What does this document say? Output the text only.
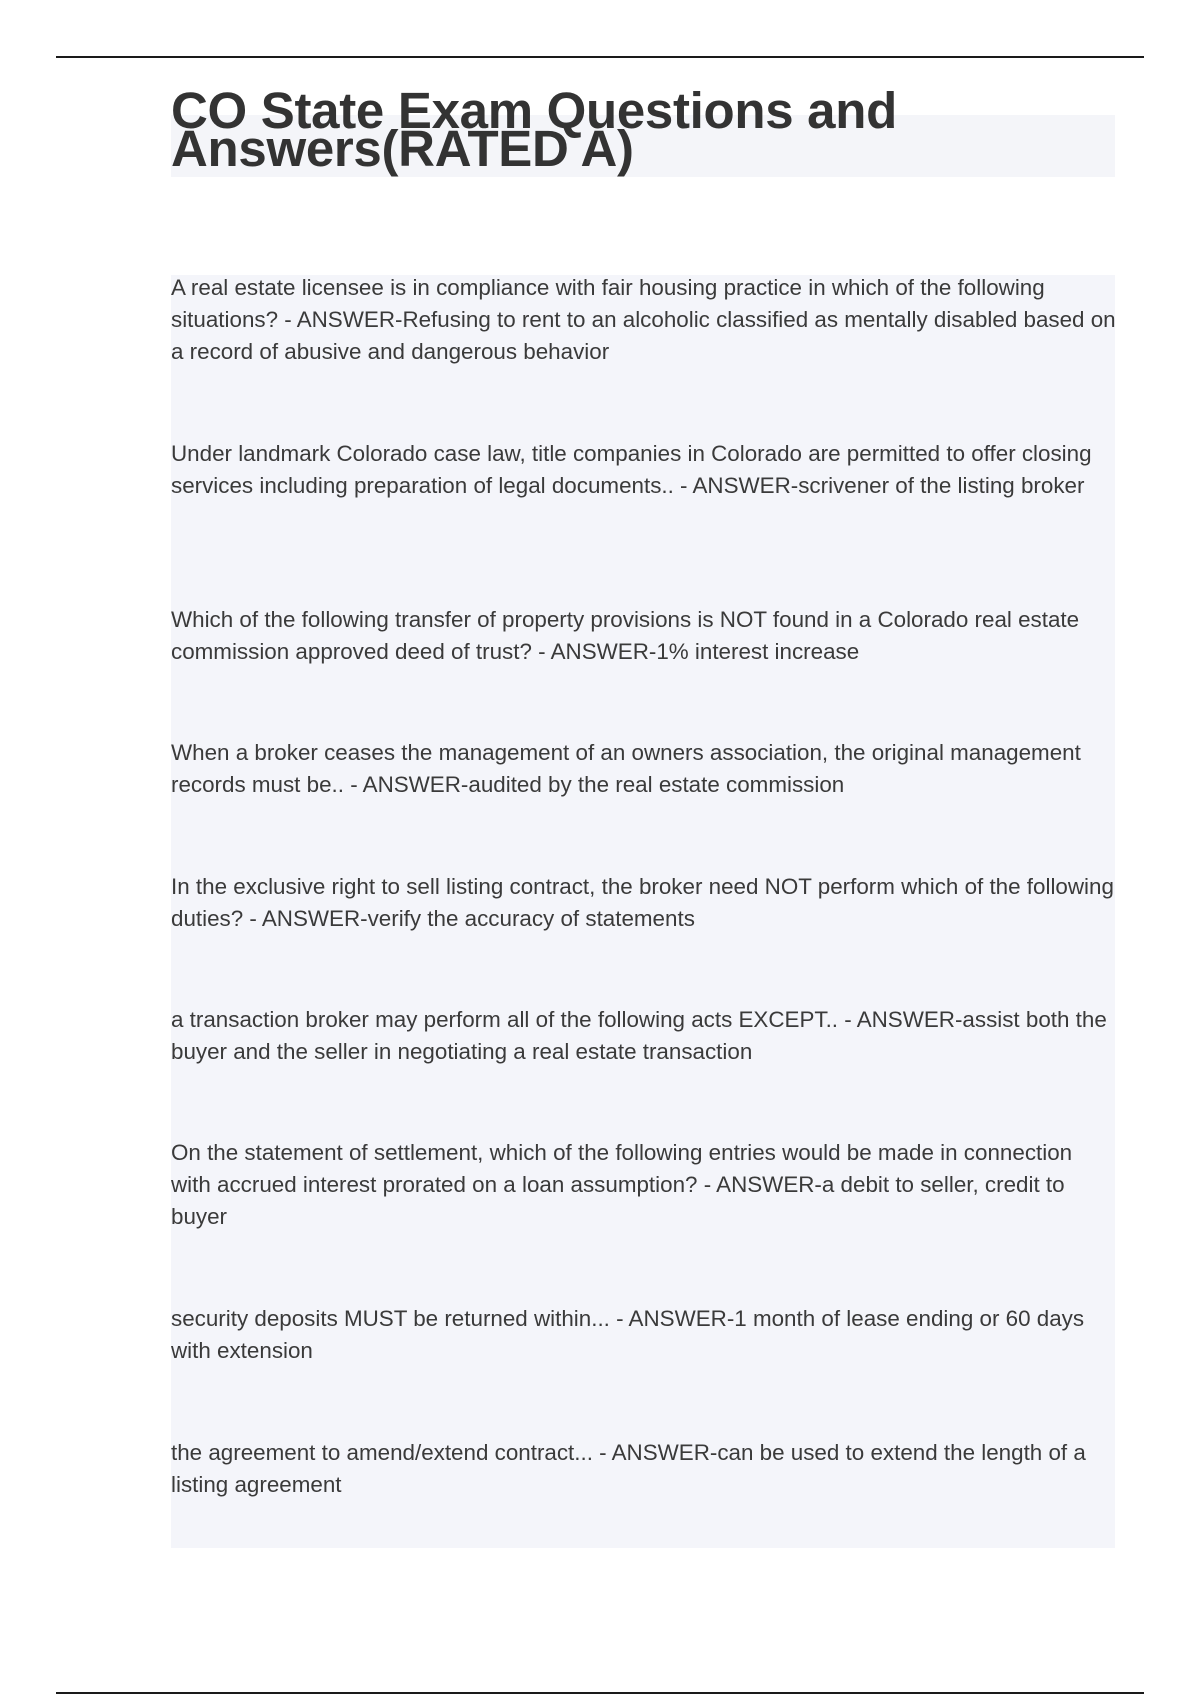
CO State Exam Questions and Answers(RATED A)

A real estate licensee is in compliance with fair housing practice in which of the following situations? - ANSWER-Refusing to rent to an alcoholic classified as mentally disabled based on a record of abusive and dangerous behavior

Under landmark Colorado case law, title companies in Colorado are permitted to offer closing services including preparation of legal documents.. - ANSWER-scrivener of the listing broker

Which of the following transfer of property provisions is NOT found in a Colorado real estate commission approved deed of trust? - ANSWER-1% interest increase

When a broker ceases the management of an owners association, the original management records must be.. - ANSWER-audited by the real estate commission

In the exclusive right to sell listing contract, the broker need NOT perform which of the following duties? - ANSWER-verify the accuracy of statements

a transaction broker may perform all of the following acts EXCEPT.. - ANSWER-assist both the buyer and the seller in negotiating a real estate transaction

On the statement of settlement, which of the following entries would be made in connection with accrued interest prorated on a loan assumption? - ANSWER-a debit to seller, credit to buyer

security deposits MUST be returned within... - ANSWER-1 month of lease ending or 60 days with extension

the agreement to amend/extend contract... - ANSWER-can be used to extend the length of a listing agreement
